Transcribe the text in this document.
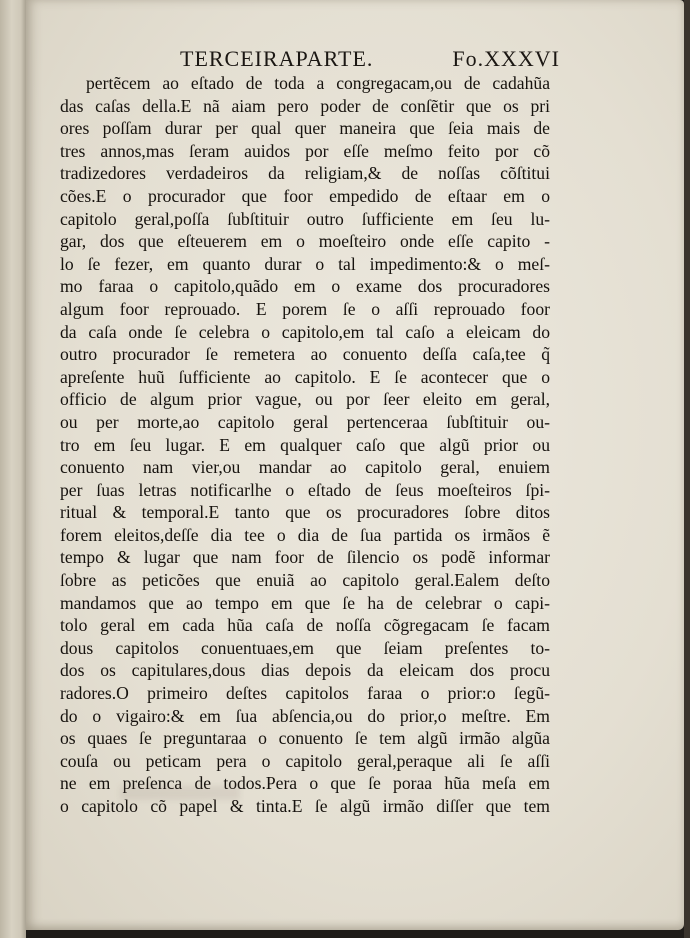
TERCEIRAPARTE.	Fo.XXXVI
pertẽcem ao eſtado de toda a congregacam,ou de cadahũa
das caſas della.E nã aiam pero poder de conſẽtir que os pri
ores poſſam durar per qual quer maneira que ſeia mais de
tres annos,mas ſeram auidos por eſſe meſmo feito por cõ
tradizedores verdadeiros da religiam,& de noſſas cõſtitui
cões.E o procurador que foor empedido de eſtaar em o
capitolo geral,poſſa ſubſtituir outro ſufficiente em ſeu lu-
gar, dos que eſteuerem em o moeſteiro onde eſſe capito -
lo ſe fezer, em quanto durar o tal impedimento:& o meſ-
mo faraa o capitolo,quãdo em o exame dos procuradores
algum foor reprouado. E porem ſe o aſſi reprouado foor
da caſa onde ſe celebra o capitolo,em tal caſo a eleicam do
outro procurador ſe remetera ao conuento deſſa caſa,tee q̃
apreſente huũ ſufficiente ao capitolo. E ſe acontecer que o
officio de algum prior vague, ou por ſeer eleito em geral,
ou per morte,ao capitolo geral pertenceraa ſubſtituir ou-
tro em ſeu lugar. E em qualquer caſo que algũ prior ou
conuento nam vier,ou mandar ao capitolo geral, enuiem
per ſuas letras notificarlhe o eſtado de ſeus moeſteiros ſpi-
ritual & temporal.E tanto que os procuradores ſobre ditos
forem eleitos,deſſe dia tee o dia de ſua partida os irmãos ẽ
tempo & lugar que nam foor de ſilencio os podẽ informar
ſobre as peticões que enuiã ao capitolo geral.Ealem deſto
mandamos que ao tempo em que ſe ha de celebrar o capi-
tolo geral em cada hũa caſa de noſſa cõgregacam ſe facam
dous capitolos conuentuaes,em que ſeiam preſentes to-
dos os capitulares,dous dias depois da eleicam dos procu
radores.O primeiro deſtes capitolos faraa o prior:o ſegũ-
do o vigairo:& em ſua abſencia,ou do prior,o meſtre. Em
os quaes ſe preguntaraa o conuento ſe tem algũ irmão algũa
couſa ou peticam pera o capitolo geral,peraque ali ſe aſſi
ne em preſenca de todos.Pera o que ſe poraa hũa meſa em
o capitolo cõ papel & tinta.E ſe algũ irmão diſſer que tem
